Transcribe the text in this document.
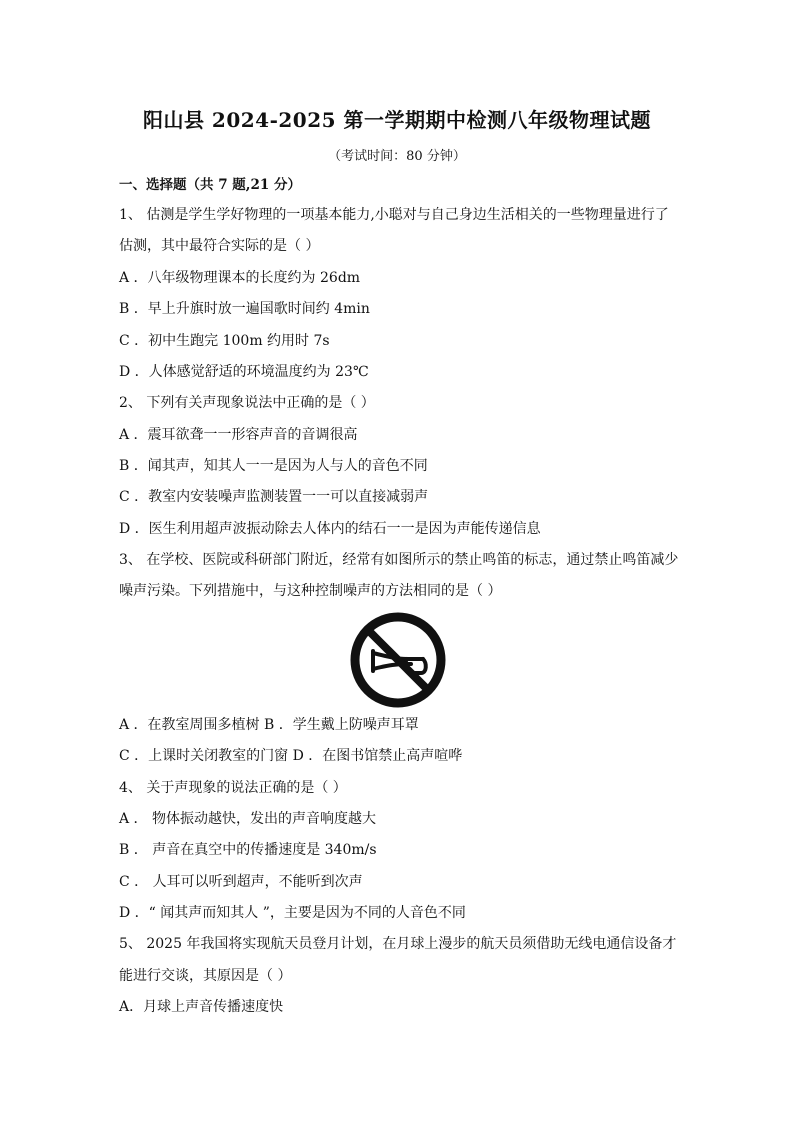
阳山县 2024-2025 第一学期期中检测八年级物理试题
（考试时间：80 分钟）
一、选择题（共 7 题,21 分）
1、 估测是学生学好物理的一项基本能力,小聪对与自己身边生活相关的一些物理量进行了
估测，其中最符合实际的是（ ）
A ．八年级物理课本的长度约为 26dm
B ．早上升旗时放一遍国歌时间约 4min
C ．初中生跑完 100m 约用时 7s
D ．人体感觉舒适的环境温度约为 23℃
2、 下列有关声现象说法中正确的是（ ）
A ．震耳欲聋一一形容声音的音调很高
B ．闻其声，知其人一一是因为人与人的音色不同
C ．教室内安装噪声监测装置一一可以直接减弱声
D ．医生利用超声波振动除去人体内的结石一一是因为声能传递信息
3、 在学校、医院或科研部门附近，经常有如图所示的禁止鸣笛的标志，通过禁止鸣笛减少
噪声污染。下列措施中，与这种控制噪声的方法相同的是（ ）
A ．在教室周围多植树 B ．学生戴上防噪声耳罩
C ．上课时关闭教室的门窗 D ．在图书馆禁止高声喧哗
4、 关于声现象的说法正确的是（ ）
A ． 物体振动越快，发出的声音响度越大
B ． 声音在真空中的传播速度是 340m/s
C ． 人耳可以听到超声，不能听到次声
D ．“ 闻其声而知其人 ”，主要是因为不同的人音色不同
5、 2025 年我国将实现航天员登月计划，在月球上漫步的航天员须借助无线电通信设备才
能进行交谈，其原因是（ ）
A．月球上声音传播速度快
